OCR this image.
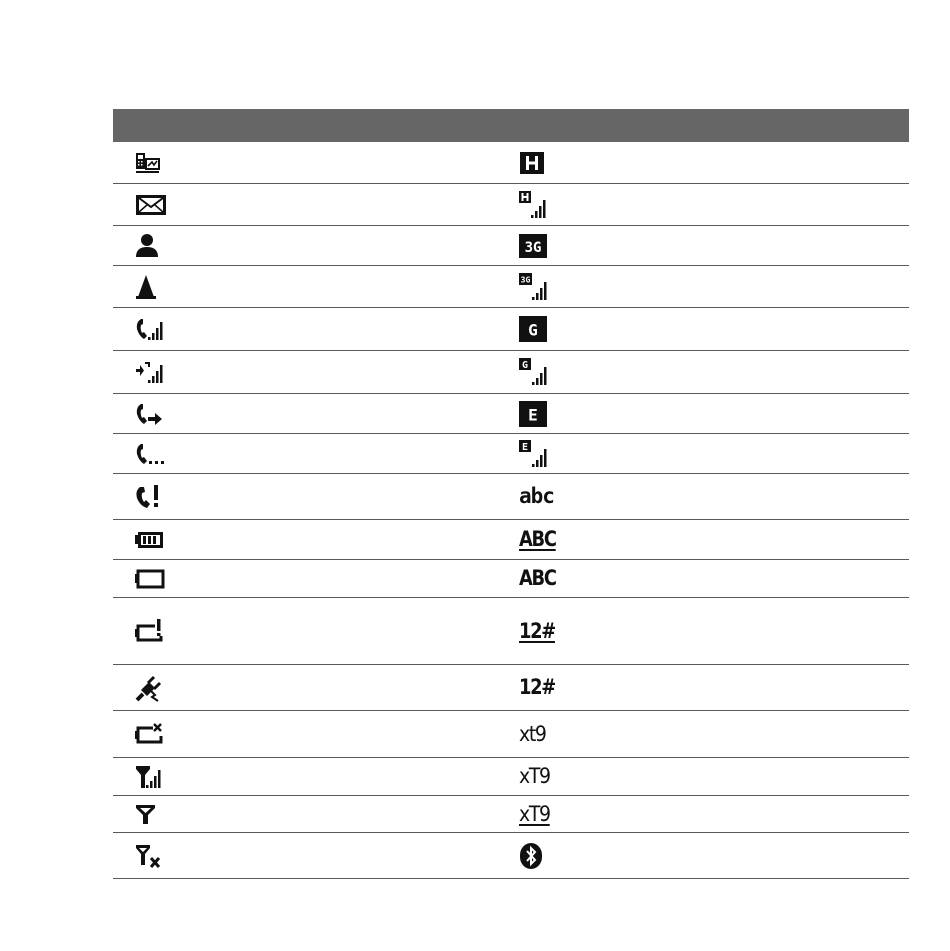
3G
3G
G
G
E
E
abc
ABC
ABC
12#
12#
xt9
xT9
xT9
